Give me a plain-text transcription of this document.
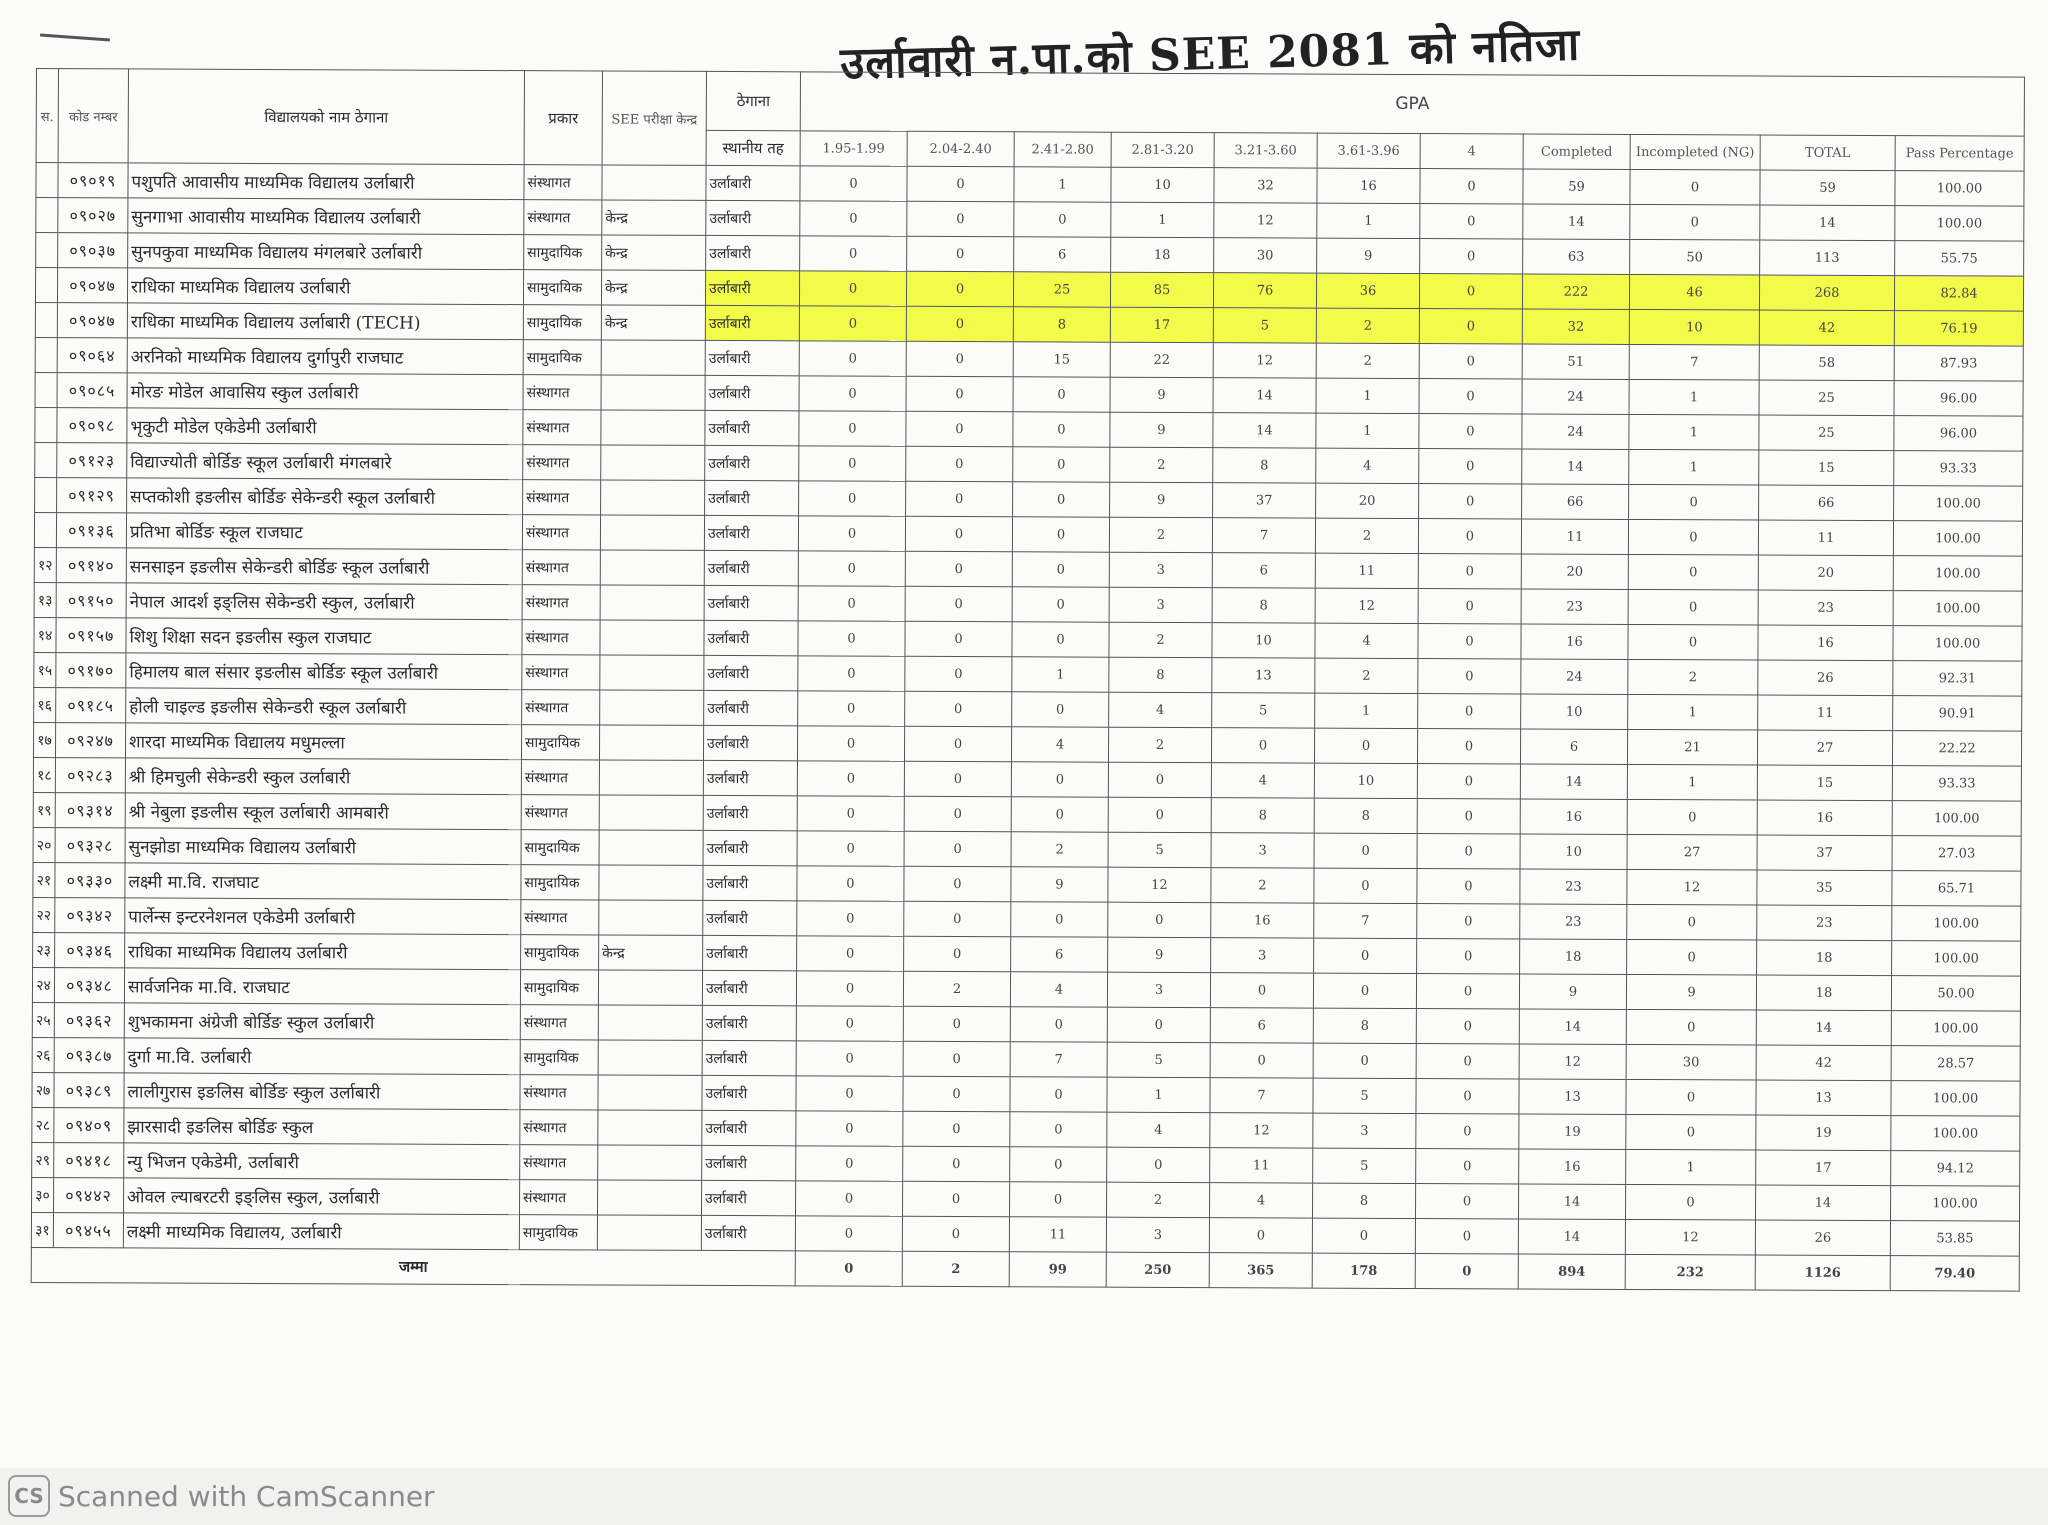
उर्लावारी न.पा.को SEE 2081 को नतिजा
स.	कोड नम्बर	विद्यालयको नाम ठेगाना	प्रकार	SEE परीक्षा केन्द्र	ठेगाना	GPA										
					स्थानीय तह	1.95-1.99	2.04-2.40	2.41-2.80	2.81-3.20	3.21-3.60	3.61-3.96	4	Completed	Incompleted (NG)	TOTAL	Pass Percentage
	०९०१९	पशुपति आवासीय माध्यमिक विद्यालय उर्लाबारी	संस्थागत		उर्लाबारी	0	0	1	10	32	16	0	59	0	59	100.00
	०९०२७	सुनगाभा आवासीय माध्यमिक विद्यालय उर्लाबारी	संस्थागत	केन्द्र	उर्लाबारी	0	0	0	1	12	1	0	14	0	14	100.00
	०९०३७	सुनपकुवा माध्यमिक विद्यालय मंगलबारे उर्लाबारी	सामुदायिक	केन्द्र	उर्लाबारी	0	0	6	18	30	9	0	63	50	113	55.75
	०९०४७	राधिका माध्यमिक विद्यालय उर्लाबारी	सामुदायिक	केन्द्र	उर्लाबारी	0	0	25	85	76	36	0	222	46	268	82.84
	०९०४७	राधिका माध्यमिक विद्यालय उर्लाबारी (TECH)	सामुदायिक	केन्द्र	उर्लाबारी	0	0	8	17	5	2	0	32	10	42	76.19
	०९०६४	अरनिको माध्यमिक विद्यालय दुर्गापुरी राजघाट	सामुदायिक		उर्लाबारी	0	0	15	22	12	2	0	51	7	58	87.93
	०९०८५	मोरङ मोडेल आवासिय स्कुल उर्लाबारी	संस्थागत		उर्लाबारी	0	0	0	9	14	1	0	24	1	25	96.00
	०९०९८	भृकुटी मोडेल एकेडेमी उर्लाबारी	संस्थागत		उर्लाबारी	0	0	0	9	14	1	0	24	1	25	96.00
	०९१२३	विद्याज्योती बोर्डिङ स्कूल उर्लाबारी मंगलबारे	संस्थागत		उर्लाबारी	0	0	0	2	8	4	0	14	1	15	93.33
	०९१२९	सप्तकोशी इङलीस बोर्डिङ सेकेन्डरी स्कूल उर्लाबारी	संस्थागत		उर्लाबारी	0	0	0	9	37	20	0	66	0	66	100.00
	०९१३६	प्रतिभा बोर्डिङ स्कूल राजघाट	संस्थागत		उर्लाबारी	0	0	0	2	7	2	0	11	0	11	100.00
१२	०९१४०	सनसाइन इङलीस सेकेन्डरी बोर्डिङ स्कूल उर्लाबारी	संस्थागत		उर्लाबारी	0	0	0	3	6	11	0	20	0	20	100.00
१३	०९१५०	नेपाल आदर्श इङ्लिस सेकेन्डरी स्कुल, उर्लाबारी	संस्थागत		उर्लाबारी	0	0	0	3	8	12	0	23	0	23	100.00
१४	०९१५७	शिशु शिक्षा सदन इङलीस स्कुल राजघाट	संस्थागत		उर्लाबारी	0	0	0	2	10	4	0	16	0	16	100.00
१५	०९१७०	हिमालय बाल संसार इङलीस बोर्डिङ स्कूल उर्लाबारी	संस्थागत		उर्लाबारी	0	0	1	8	13	2	0	24	2	26	92.31
१६	०९१८५	होली चाइल्ड इङलीस सेकेन्डरी स्कूल उर्लाबारी	संस्थागत		उर्लाबारी	0	0	0	4	5	1	0	10	1	11	90.91
१७	०९२४७	शारदा माध्यमिक विद्यालय मधुमल्ला	सामुदायिक		उर्लाबारी	0	0	4	2	0	0	0	6	21	27	22.22
१८	०९२८३	श्री हिमचुली सेकेन्डरी स्कुल उर्लाबारी	संस्थागत		उर्लाबारी	0	0	0	0	4	10	0	14	1	15	93.33
१९	०९३१४	श्री नेबुला इङलीस स्कूल उर्लाबारी आमबारी	संस्थागत		उर्लाबारी	0	0	0	0	8	8	0	16	0	16	100.00
२०	०९३२८	सुनझोडा माध्यमिक विद्यालय उर्लाबारी	सामुदायिक		उर्लाबारी	0	0	2	5	3	0	0	10	27	37	27.03
२१	०९३३०	लक्ष्मी मा.वि. राजघाट	सामुदायिक		उर्लाबारी	0	0	9	12	2	0	0	23	12	35	65.71
२२	०९३४२	पार्लेन्स इन्टरनेशनल एकेडेमी उर्लाबारी	संस्थागत		उर्लाबारी	0	0	0	0	16	7	0	23	0	23	100.00
२३	०९३४६	राधिका माध्यमिक विद्यालय उर्लाबारी	सामुदायिक	केन्द्र	उर्लाबारी	0	0	6	9	3	0	0	18	0	18	100.00
२४	०९३४८	सार्वजनिक मा.वि. राजघाट	सामुदायिक		उर्लाबारी	0	2	4	3	0	0	0	9	9	18	50.00
२५	०९३६२	शुभकामना अंग्रेजी बोर्डिङ स्कुल उर्लाबारी	संस्थागत		उर्लाबारी	0	0	0	0	6	8	0	14	0	14	100.00
२६	०९३८७	दुर्गा मा.वि. उर्लाबारी	सामुदायिक		उर्लाबारी	0	0	7	5	0	0	0	12	30	42	28.57
२७	०९३८९	लालीगुरास इङलिस बोर्डिङ स्कुल उर्लाबारी	संस्थागत		उर्लाबारी	0	0	0	1	7	5	0	13	0	13	100.00
२८	०९४०९	झारसादी इङलिस बोर्डिङ स्कुल	संस्थागत		उर्लाबारी	0	0	0	4	12	3	0	19	0	19	100.00
२९	०९४१८	न्यु भिजन एकेडेमी, उर्लाबारी	संस्थागत		उर्लाबारी	0	0	0	0	11	5	0	16	1	17	94.12
३०	०९४४२	ओवल ल्याबरटरी इङ्लिस स्कुल, उर्लाबारी	संस्थागत		उर्लाबारी	0	0	0	2	4	8	0	14	0	14	100.00
३१	०९४५५	लक्ष्मी माध्यमिक विद्यालय, उर्लाबारी	सामुदायिक		उर्लाबारी	0	0	11	3	0	0	0	14	12	26	53.85
जम्मा						0	2	99	250	365	178	0	894	232	1126	79.40
CS Scanned with CamScanner
